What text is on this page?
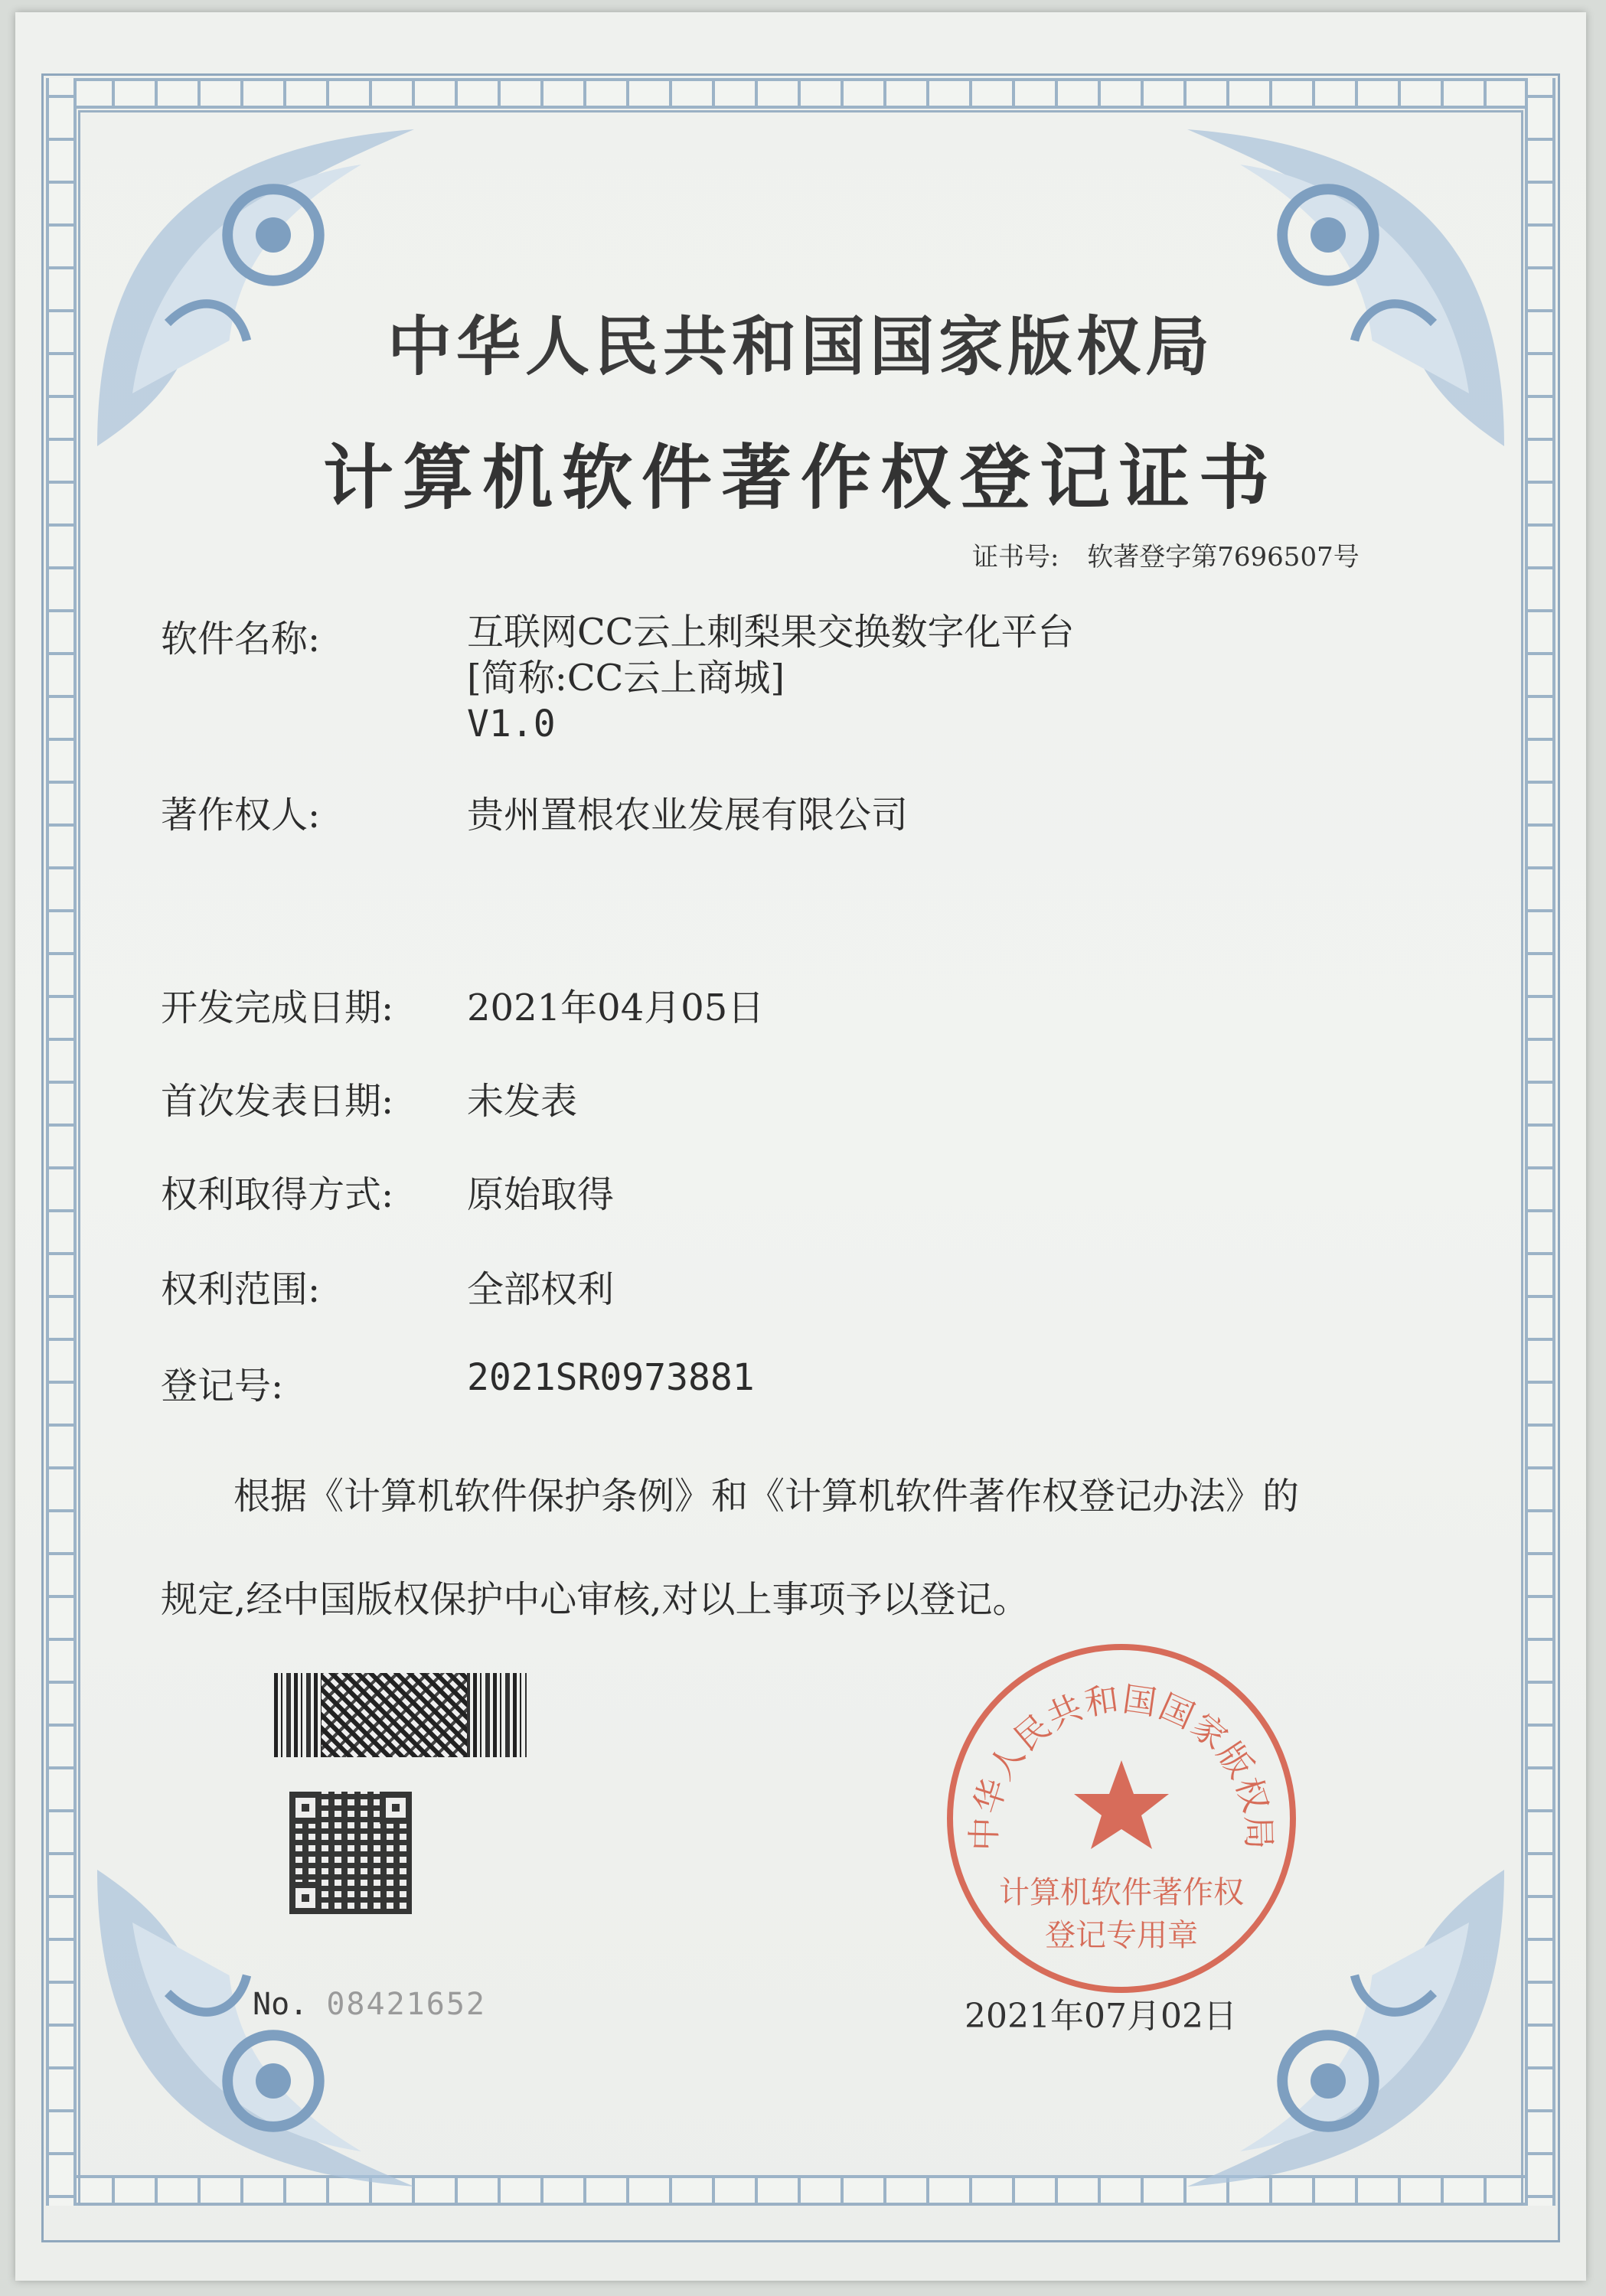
中华人民共和国国家版权局
计算机软件著作权登记证书
证书号: 软著登字第7696507号
软件名称:	互联网CC云上刺梨果交换数字化平台
[简称:CC云上商城]
V1.0
著作权人:	贵州置根农业发展有限公司
开发完成日期:	2021年04月05日
首次发表日期:	未发表
权利取得方式:	原始取得
权利范围:	全部权利
登记号:	2021SR0973881
根据《计算机软件保护条例》和《计算机软件著作权登记办法》的
规定,经中国版权保护中心审核,对以上事项予以登记。
No. 08421652
中华人民共和国国家版权局
计算机软件著作权
登记专用章
2021年07月02日
